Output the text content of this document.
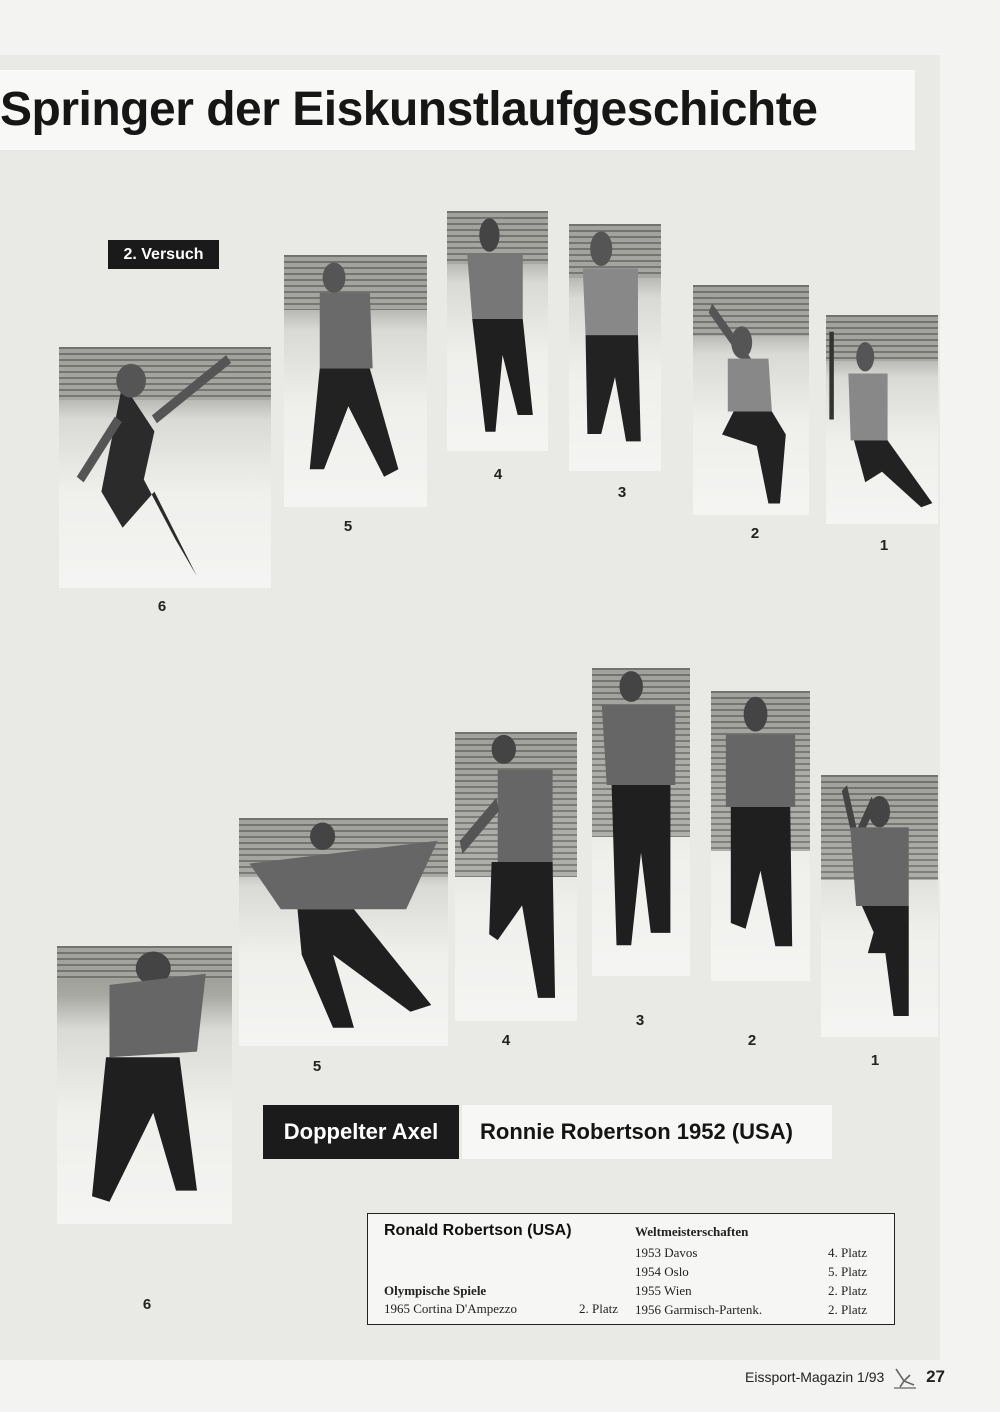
Springer der Eiskunstlaufgeschichte
2. Versuch
6
5
4
3
2
1
6
5
4
3
2
1
Doppelter Axel	Ronnie Robertson 1952 (USA)
Ronald Robertson (USA)	Weltmeisterschaften
Olympische Spiele
1965 Cortina D'Ampezzo	2. Platz
1953 Davos	4. Platz
1954 Oslo	5. Platz
1955 Wien	2. Platz
1956 Garmisch-Partenk.	2. Platz
Eissport-Magazin 1/93 27
